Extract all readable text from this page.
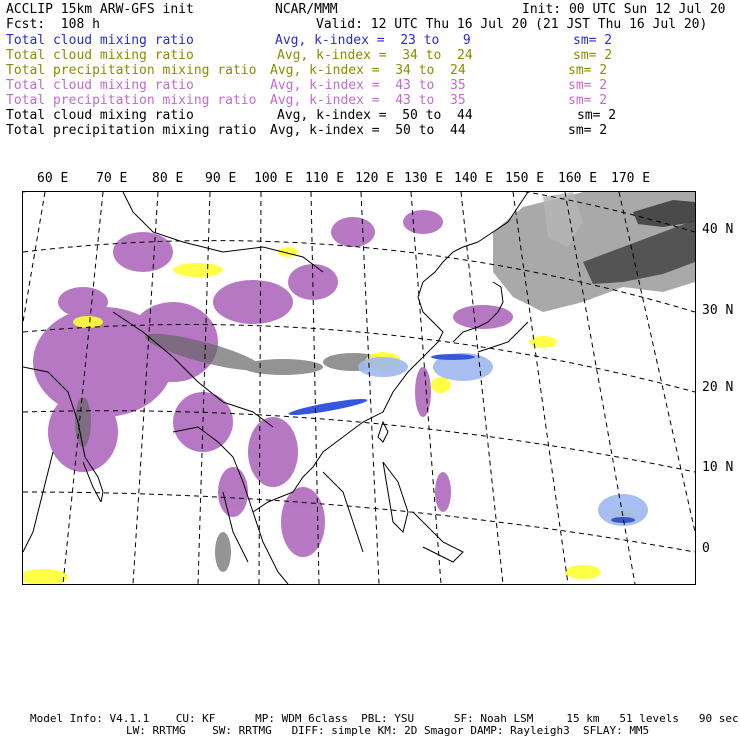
ACCLIP 15km ARW-GFS init	NCAR/MMM	Init: 00 UTC Sun 12 Jul 20
Fcst:  108 h	Valid: 12 UTC Thu 16 Jul 20 (21 JST Thu 16 Jul 20)
Total cloud mixing ratio	Avg, k-index =  23 to   9	sm= 2
Total cloud mixing ratio	Avg, k-index =  34 to  24	sm= 2
Total precipitation mixing ratio Avg, k-index =  34 to  24	sm= 2
Total cloud mixing ratio	Avg, k-index =  43 to  35	sm= 2
Total precipitation mixing ratio Avg, k-index =  43 to  35	sm= 2
Total cloud mixing ratio	Avg, k-index =  50 to  44	sm= 2
Total precipitation mixing ratio Avg, k-index =  50 to  44	sm= 2
60 E 70 E 80 E 90 E 100 E 110 E 120 E 130 E 140 E 150 E 160 E 170 E
40 N
30 N
20 N
10 N
0
Model Info: V4.1.1    CU: KF      MP: WDM 6class  PBL: YSU      SF: Noah LSM     15 km   51 levels   90 sec
LW: RRTMG    SW: RRTMG   DIFF: simple KM: 2D Smagor DAMP: Rayleigh3  SFLAY: MM5
